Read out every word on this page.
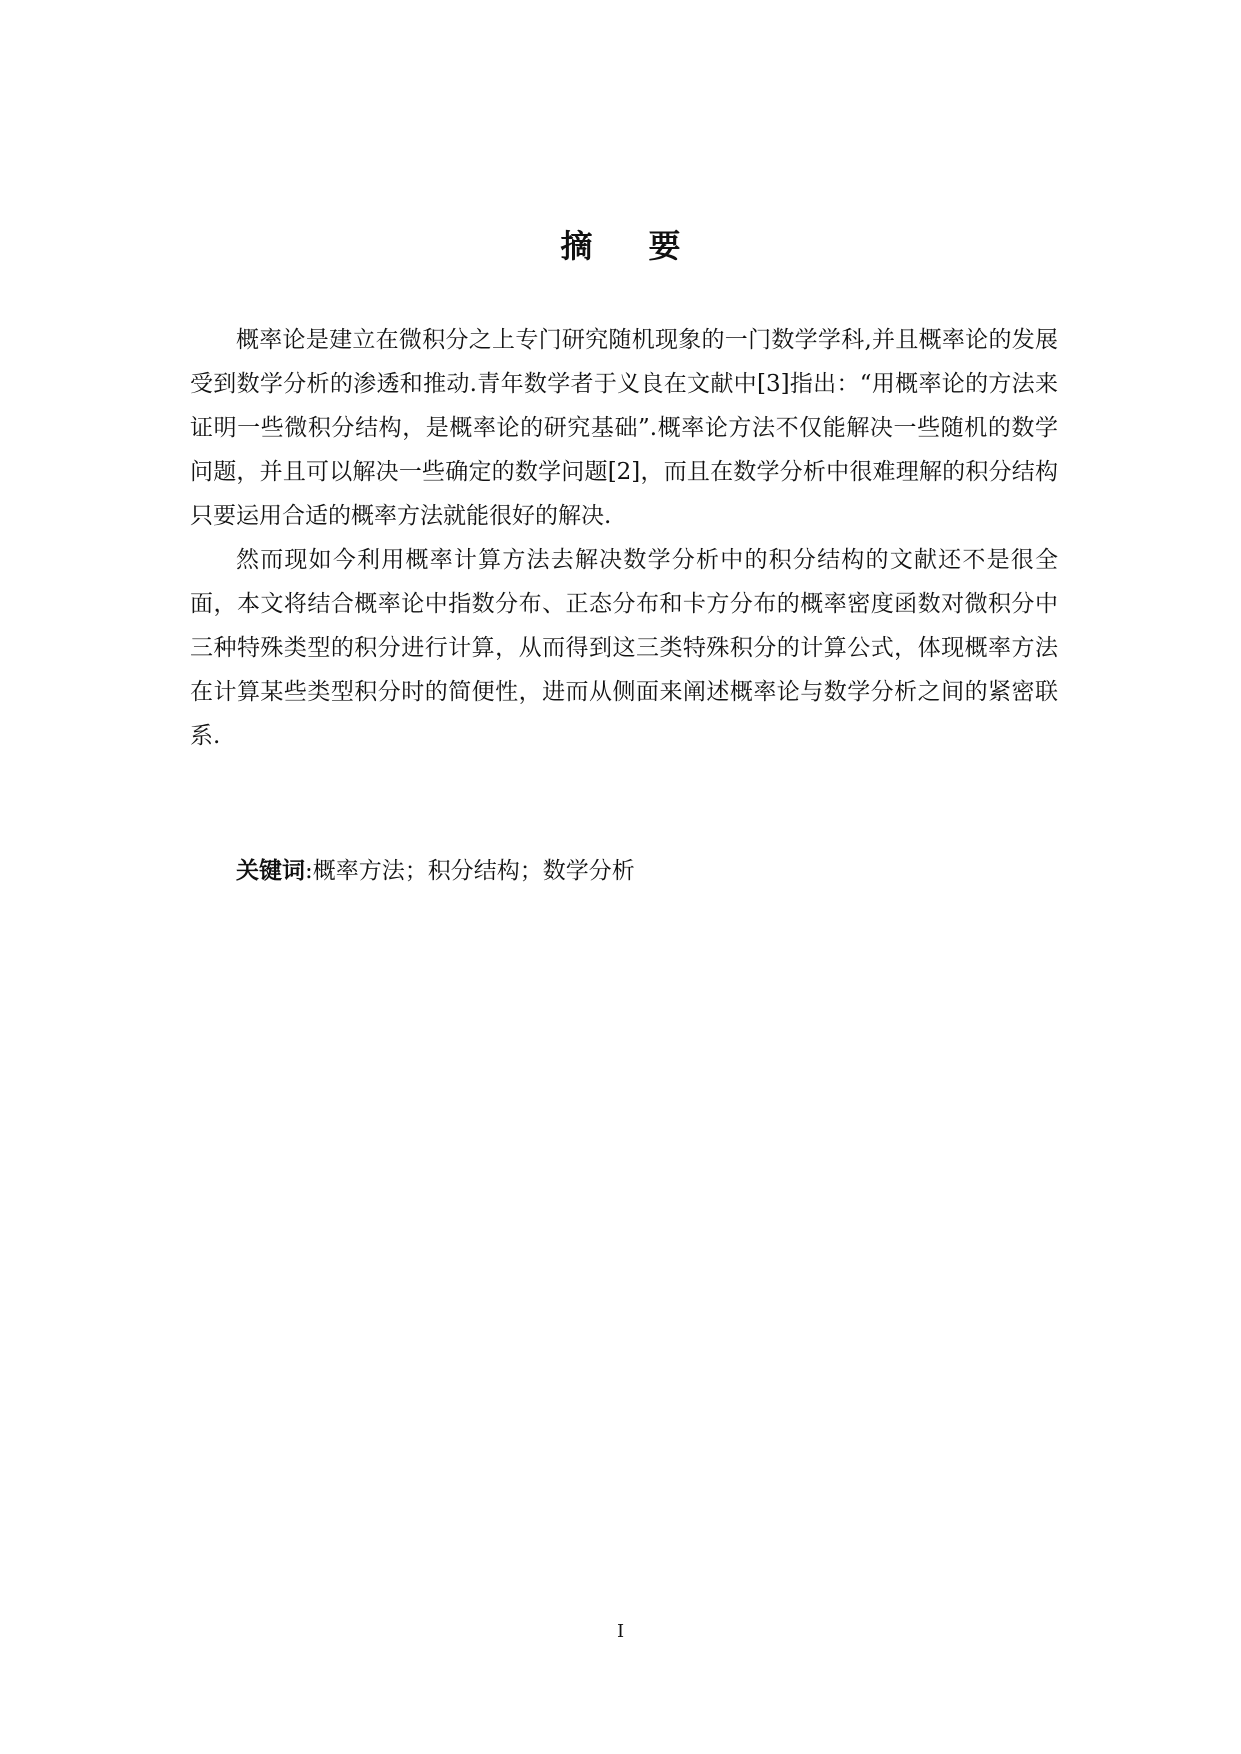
摘要

概率论是建立在微积分之上专门研究随机现象的一门数学学科,并且概率论的发展受到数学分析的渗透和推动.青年数学者于义良在文献中[3]指出：“用概率论的方法来证明一些微积分结构，是概率论的研究基础”.概率论方法不仅能解决一些随机的数学问题，并且可以解决一些确定的数学问题[2]，而且在数学分析中很难理解的积分结构只要运用合适的概率方法就能很好的解决.

然而现如今利用概率计算方法去解决数学分析中的积分结构的文献还不是很全面，本文将结合概率论中指数分布、正态分布和卡方分布的概率密度函数对微积分中三种特殊类型的积分进行计算，从而得到这三类特殊积分的计算公式，体现概率方法在计算某些类型积分时的简便性，进而从侧面来阐述概率论与数学分析之间的紧密联系.

关键词:概率方法；积分结构；数学分析
I
